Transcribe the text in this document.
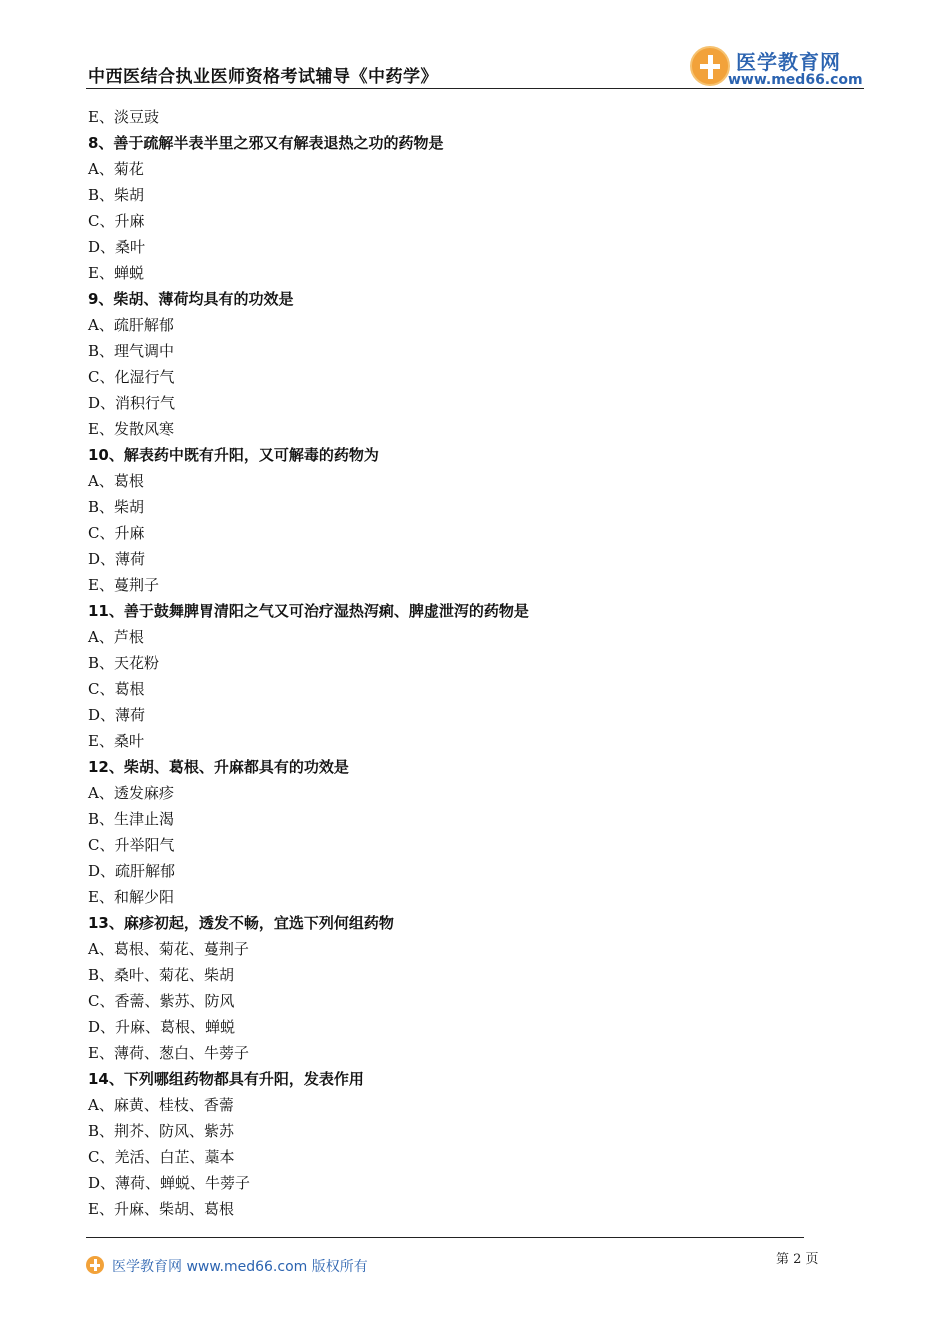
中西医结合执业医师资格考试辅导《中药学》
医学教育网
www.med66.com
E、淡豆豉
8、善于疏解半表半里之邪又有解表退热之功的药物是
A、菊花
B、柴胡
C、升麻
D、桑叶
E、蝉蜕
9、柴胡、薄荷均具有的功效是
A、疏肝解郁
B、理气调中
C、化湿行气
D、消积行气
E、发散风寒
10、解表药中既有升阳，又可解毒的药物为
A、葛根
B、柴胡
C、升麻
D、薄荷
E、蔓荆子
11、善于鼓舞脾胃清阳之气又可治疗湿热泻痢、脾虚泄泻的药物是
A、芦根
B、天花粉
C、葛根
D、薄荷
E、桑叶
12、柴胡、葛根、升麻都具有的功效是
A、透发麻疹
B、生津止渴
C、升举阳气
D、疏肝解郁
E、和解少阳
13、麻疹初起，透发不畅，宜选下列何组药物
A、葛根、菊花、蔓荆子
B、桑叶、菊花、柴胡
C、香薷、紫苏、防风
D、升麻、葛根、蝉蜕
E、薄荷、葱白、牛蒡子
14、下列哪组药物都具有升阳，发表作用
A、麻黄、桂枝、香薷
B、荆芥、防风、紫苏
C、羌活、白芷、藁本
D、薄荷、蝉蜕、牛蒡子
E、升麻、柴胡、葛根
医学教育网 www.med66.com 版权所有	第 2 页
